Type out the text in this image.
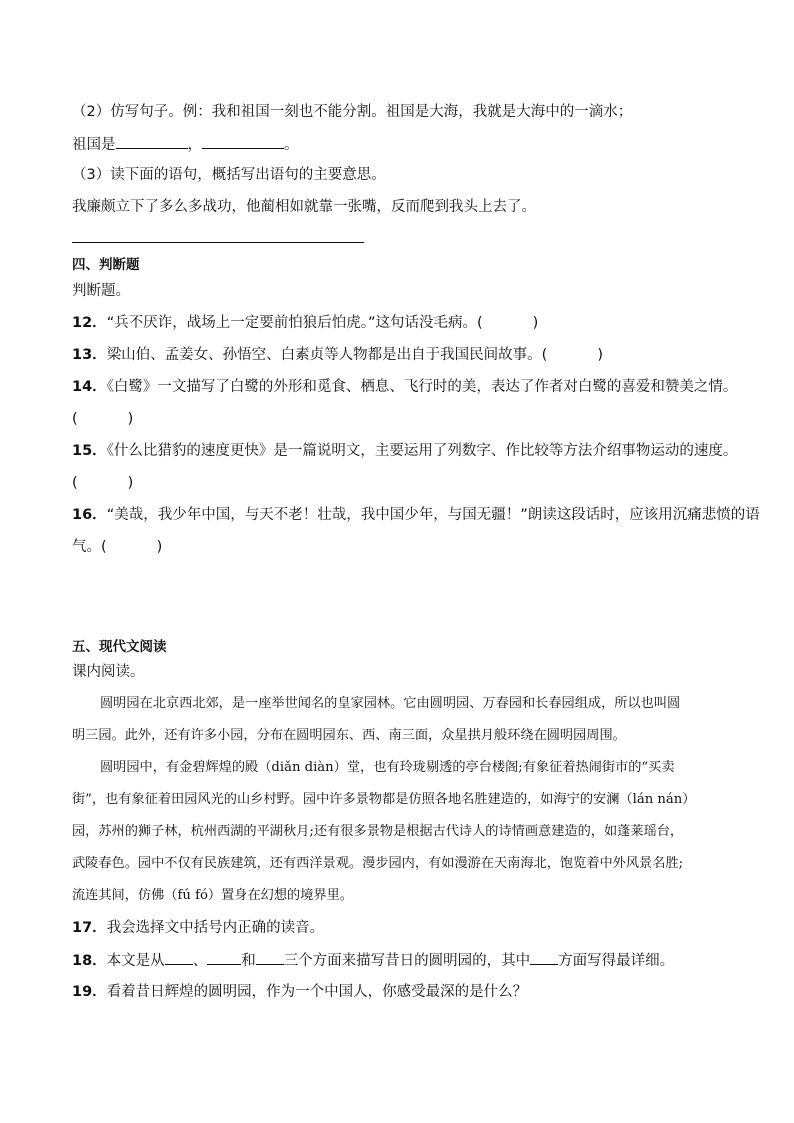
（2）仿写句子。例：我和祖国一刻也不能分割。祖国是大海，我就是大海中的一滴水；
祖国是	，	。
（3）读下面的语句，概括写出语句的主要意思。
我廉颇立下了多么多战功，他蔺相如就靠一张嘴，反而爬到我头上去了。
四、判断题
判断题。
12．“兵不厌诈，战场上一定要前怕狼后怕虎。”这句话没毛病。(	)
13．梁山伯、孟姜女、孙悟空、白素贞等人物都是出自于我国民间故事。(	)
14．《白鹭》一文描写了白鹭的外形和觅食、栖息、飞行时的美，表达了作者对白鹭的喜爱和赞美之情。
(	)
15．《什么比猎豹的速度更快》是一篇说明文，主要运用了列数字、作比较等方法介绍事物运动的速度。
(	)
16．“美哉，我少年中国，与天不老！壮哉，我中国少年，与国无疆！”朗读这段话时，应该用沉痛悲愤的语
气。(	)
五、现代文阅读
课内阅读。
圆明园在北京西北郊，是一座举世闻名的皇家园林。它由圆明园、万春园和长春园组成，所以也叫圆
明三园。此外，还有许多小园，分布在圆明园东、西、南三面，众星拱月般环绕在圆明园周围。
圆明园中，有金碧辉煌的殿（diǎn diàn）堂，也有玲珑剔透的亭台楼阁;有象征着热闹街市的“买卖
街”，也有象征着田园风光的山乡村野。园中许多景物都是仿照各地名胜建造的，如海宁的安澜（lán nán）
园，苏州的狮子林，杭州西湖的平湖秋月;还有很多景物是根据古代诗人的诗情画意建造的，如蓬莱瑶台，
武陵春色。园中不仅有民族建筑，还有西洋景观。漫步园内，有如漫游在天南海北，饱览着中外风景名胜;
流连其间，仿佛（fú fó）置身在幻想的境界里。
17．我会选择文中括号内正确的读音。
18．本文是从 、 和 三个方面来描写昔日的圆明园的，其中 方面写得最详细。
19．看着昔日辉煌的圆明园，作为一个中国人，你感受最深的是什么？
